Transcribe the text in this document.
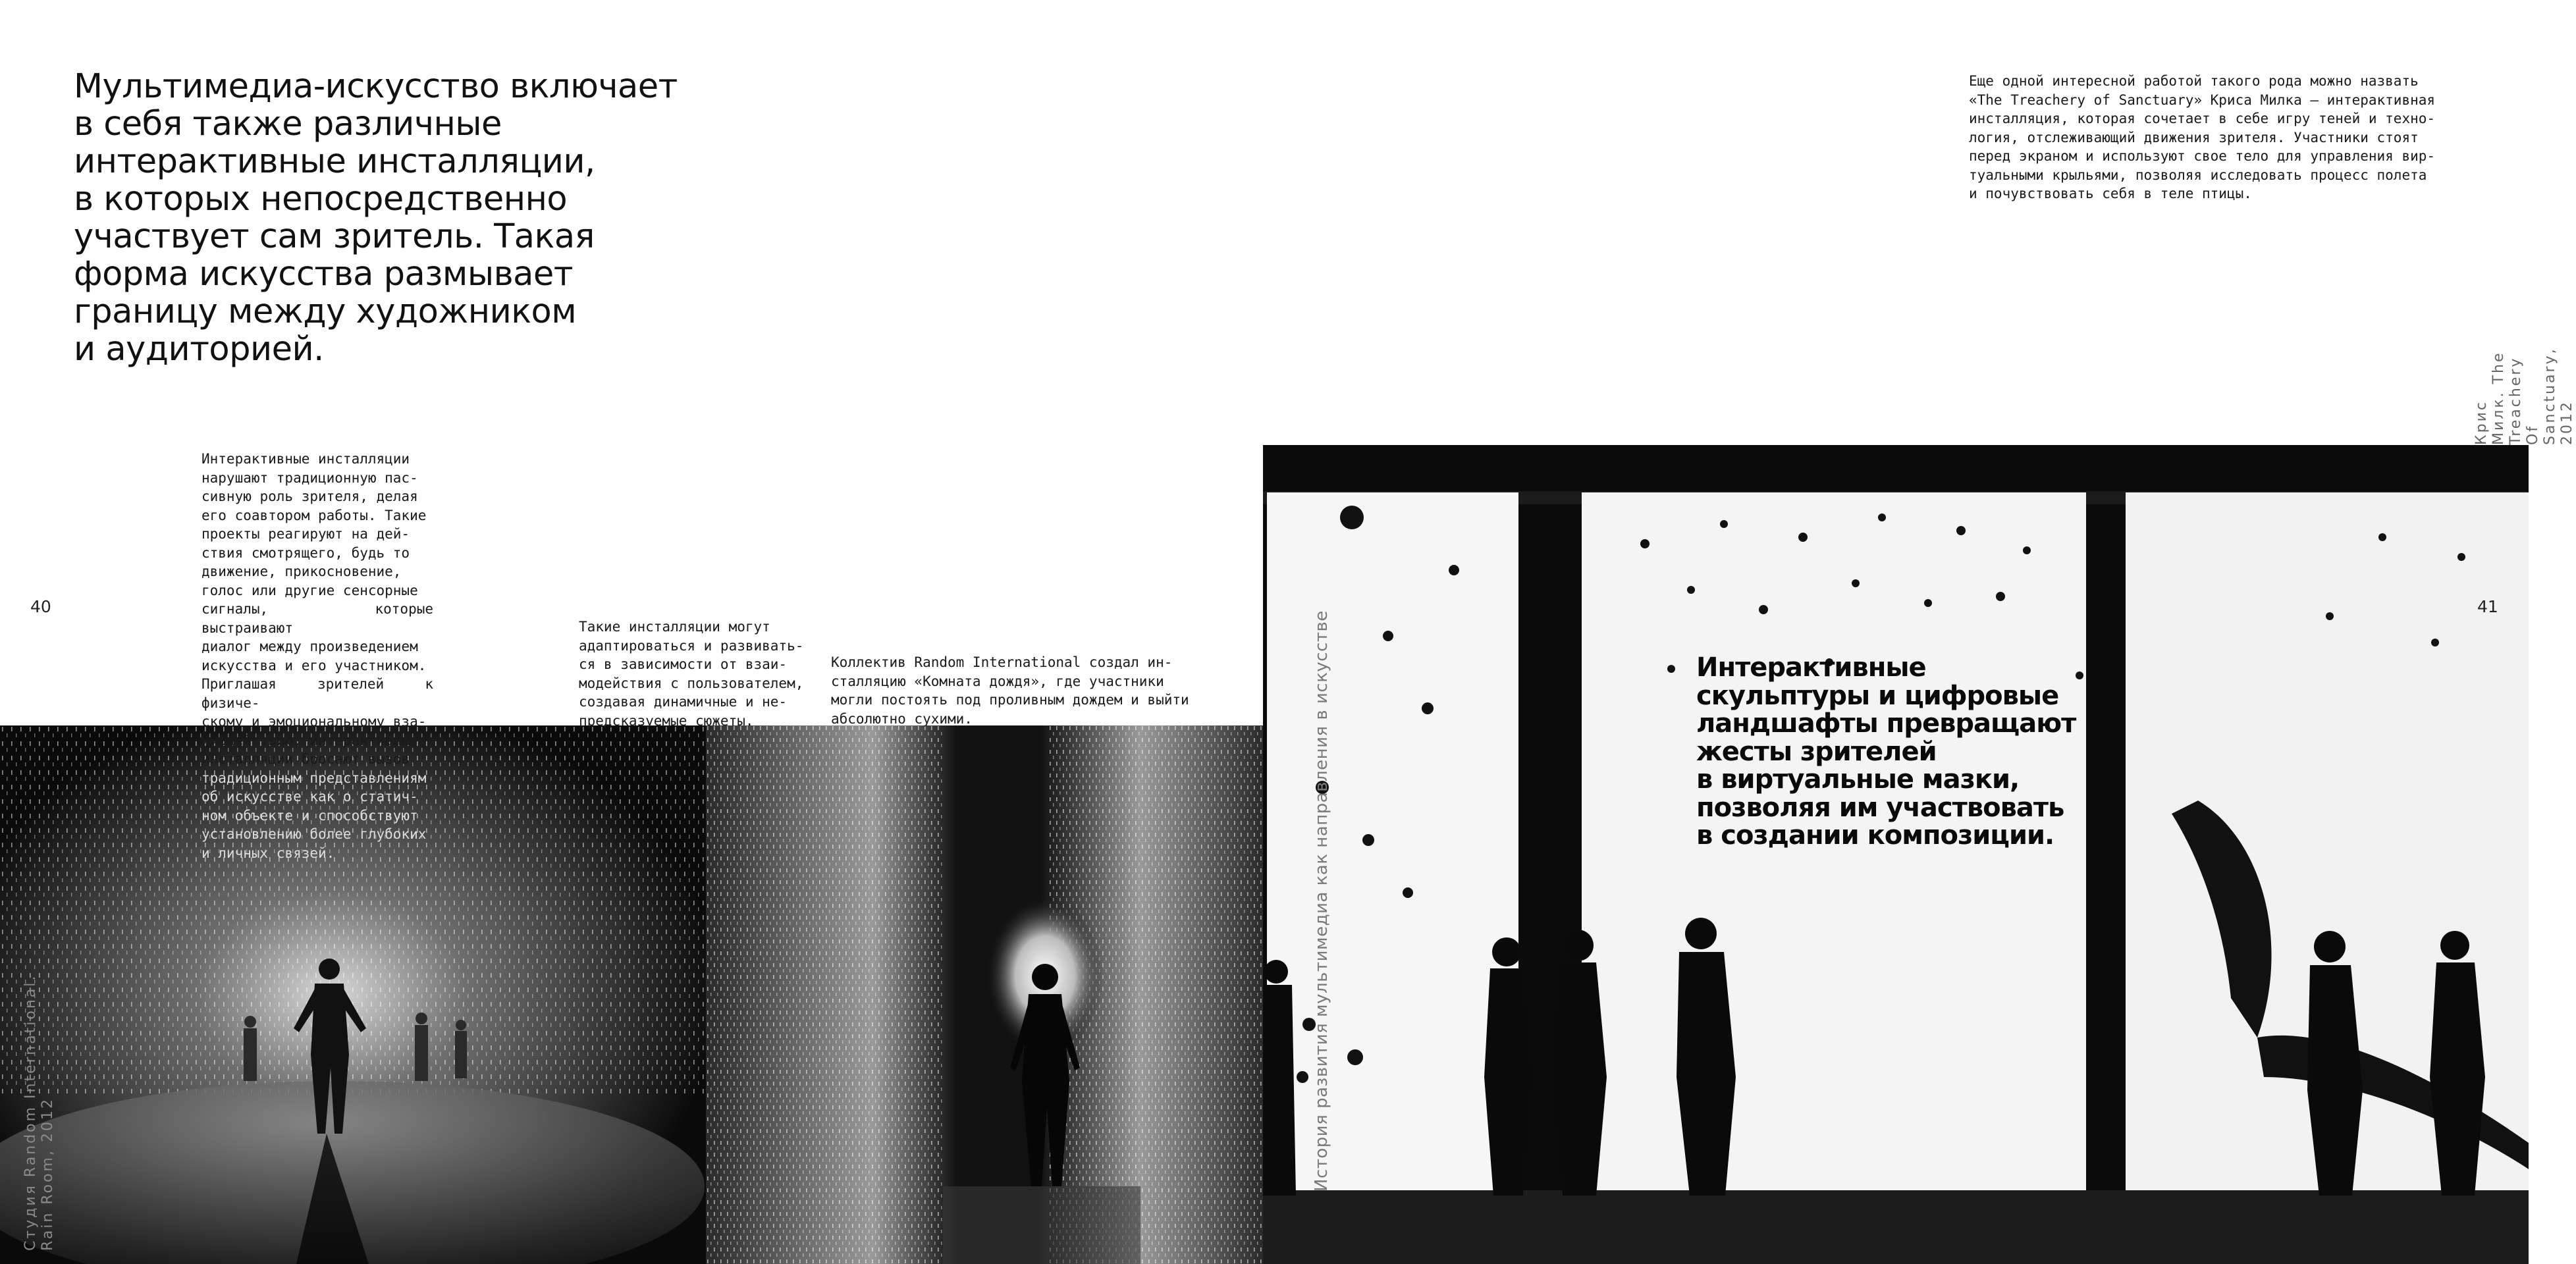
Мультимедиа-искусство включает
в себя также различные
интерактивные инсталляции,
в которых непосредственно
участвует сам зритель. Такая
форма искусства размывает
границу между художником
и аудиторией.

Интерактивные инсталляции
нарушают традиционную пас-
сивную роль зрителя, делая
его соавтором работы. Такие
проекты реагируют на дей-
ствия смотрящего, будь то
движение, прикосновение,
голос или другие сенсорные
сигналы, которые выстраивают
диалог между произведением
искусства и его участником.
Приглашая зрителей к физиче-
скому и эмоциональному вза-
имодействию, интерактивные
инсталляции бросают вызов

традиционным представлениям
об искусстве как о статич-
ном объекте и способствуют
установлению более глубоких
и личных связей.

Такие инсталляции могут
адаптироваться и развивать-
ся в зависимости от взаи-
модействия с пользователем,
создавая динамичные и не-
предсказуемые сюжеты.

Коллектив Random International создал ин-
сталляцию «Комната дождя», где участники
могли постоять под проливным дождем и выйти
абсолютно сухими.

Еще одной интересной работой такого рода можно назвать
«The Treachery of Sanctuary» Криса Милка — интерактивная
инсталляция, которая сочетает в себе игру теней и техно-
логия, отслеживающий движения зрителя. Участники стоят
перед экраном и используют свое тело для управления вир-
туальными крыльями, позволяя исследовать процесс полета
и почувствовать себя в теле птицы.

40	41

Интерактивные
скульптуры и цифровые
ландшафты превращают
жесты зрителей
в виртуальные мазки,
позволяя им участвовать
в создании композиции.

Студия Random International.
Rain Room, 2012	История развития мультимедиа как направления в искусстве
Крис Милк. The Treachery
Of Sanctuary, 2012
